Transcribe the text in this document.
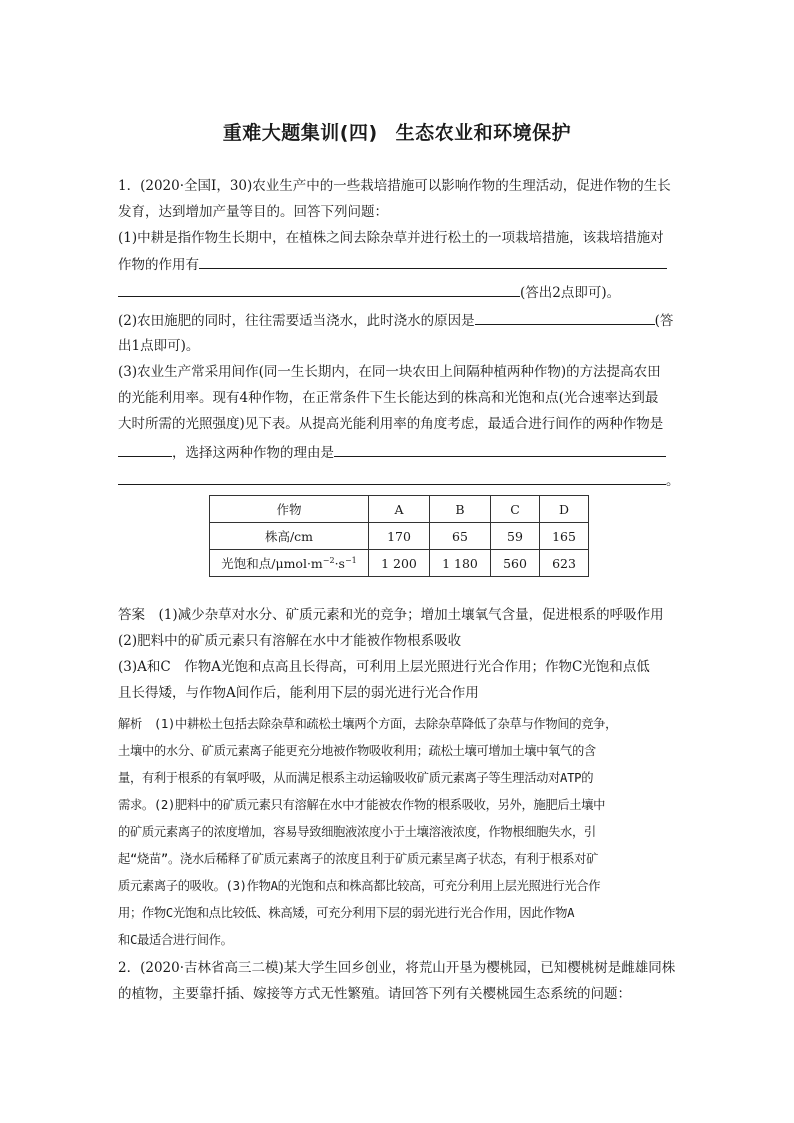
重难大题集训(四) 生态农业和环境保护
1．(2020·全国Ⅰ，30)农业生产中的一些栽培措施可以影响作物的生理活动，促进作物的生长
发育，达到增加产量等目的。回答下列问题：
(1)中耕是指作物生长期中，在植株之间去除杂草并进行松土的一项栽培措施，该栽培措施对
作物的作用有
(答出2点即可)。
(2)农田施肥的同时，往往需要适当浇水，此时浇水的原因是	(答
出1点即可)。
(3)农业生产常采用间作(同一生长期内，在同一块农田上间隔种植两种作物)的方法提高农田
的光能利用率。现有4种作物，在正常条件下生长能达到的株高和光饱和点(光合速率达到最
大时所需的光照强度)见下表。从提高光能利用率的角度考虑，最适合进行间作的两种作物是
，选择这两种作物的理由是
。
作物	A	B	C	D
株高/cm	170	65	59	165
光饱和点$/\mu mol\cdot m^{-2}\cdot s^{-1}$	1 200	1 180	560	623
答案　(1)减少杂草对水分、矿质元素和光的竞争；增加土壤氧气含量，促进根系的呼吸作用
(2)肥料中的矿质元素只有溶解在水中才能被作物根系吸收
(3)A和C　作物A光饱和点高且长得高，可利用上层光照进行光合作用；作物C光饱和点低
且长得矮，与作物A间作后，能利用下层的弱光进行光合作用
解析　(1)中耕松土包括去除杂草和疏松土壤两个方面，去除杂草降低了杂草与作物间的竞争，
土壤中的水分、矿质元素离子能更充分地被作物吸收利用；疏松土壤可增加土壤中氧气的含
量，有利于根系的有氧呼吸，从而满足根系主动运输吸收矿质元素离子等生理活动对ATP的
需求。(2)肥料中的矿质元素只有溶解在水中才能被农作物的根系吸收，另外，施肥后土壤中
的矿质元素离子的浓度增加，容易导致细胞液浓度小于土壤溶液浓度，作物根细胞失水，引
起“烧苗”。浇水后稀释了矿质元素离子的浓度且利于矿质元素呈离子状态，有利于根系对矿
质元素离子的吸收。(3)作物A的光饱和点和株高都比较高，可充分利用上层光照进行光合作
用；作物C光饱和点比较低、株高矮，可充分利用下层的弱光进行光合作用，因此作物A
和C最适合进行间作。
2．(2020·吉林省高三二模)某大学生回乡创业，将荒山开垦为樱桃园，已知樱桃树是雌雄同株
的植物，主要靠扦插、嫁接等方式无性繁殖。请回答下列有关樱桃园生态系统的问题：
